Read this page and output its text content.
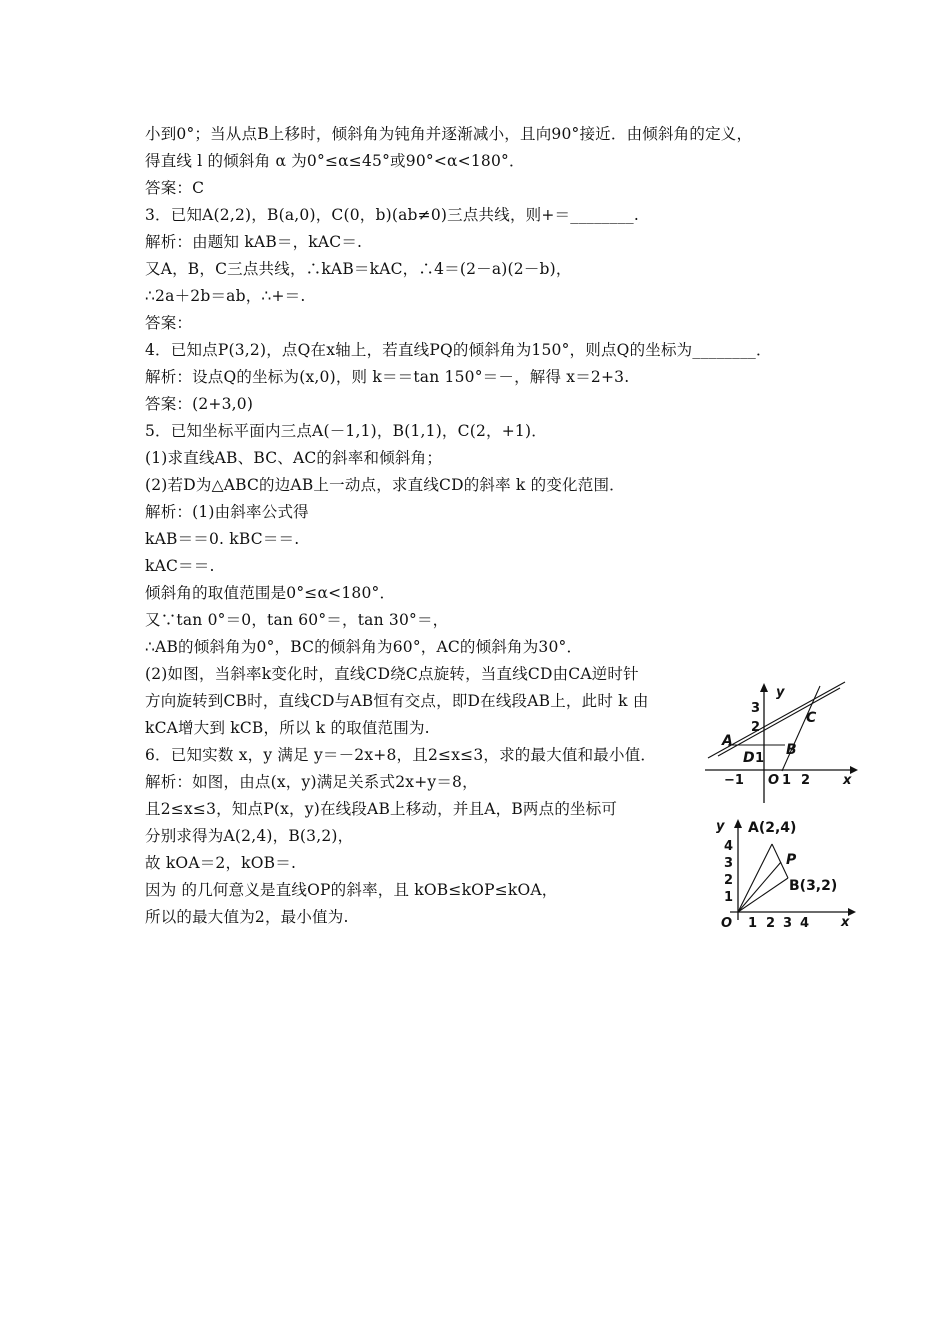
小到0°；当从点B上移时，倾斜角为钝角并逐渐减小，且向90°接近．由倾斜角的定义，
得直线 l 的倾斜角 α 为0°≤α≤45°或90°<α<180°．
答案：C
3．已知A(2,2)，B(a,0)，C(0，b)(ab≠0)三点共线，则+＝________.
解析：由题知 kAB＝，kAC＝.
又A，B，C三点共线，∴kAB＝kAC，∴4＝(2－a)(2－b)，
∴2a＋2b＝ab，∴+＝.
答案：
4．已知点P(3,2)，点Q在x轴上，若直线PQ的倾斜角为150°，则点Q的坐标为________．
解析：设点Q的坐标为(x,0)，则 k＝＝tan 150°＝－，解得 x＝2+3.
答案：(2+3,0)
5．已知坐标平面内三点A(－1,1)，B(1,1)，C(2，+1)．
(1)求直线AB、BC、AC的斜率和倾斜角；
(2)若D为△ABC的边AB上一动点，求直线CD的斜率 k 的变化范围．
解析：(1)由斜率公式得
kAB＝＝0. kBC＝＝.
kAC＝＝.
倾斜角的取值范围是0°≤α<180°．
又∵tan 0°＝0，tan 60°＝，tan 30°＝，
∴AB的倾斜角为0°，BC的倾斜角为60°，AC的倾斜角为30°．
(2)如图，当斜率k变化时，直线CD绕C点旋转，当直线CD由CA逆时针
方向旋转到CB时，直线CD与AB恒有交点，即D在线段AB上，此时 k 由
kCA增大到 kCB，所以 k 的取值范围为.
6．已知实数 x，y 满足 y＝－2x+8，且2≤x≤3，求的最大值和最小值．
解析：如图，由点(x，y)满足关系式2x+y＝8，
且2≤x≤3，知点P(x，y)在线段AB上移动，并且A，B两点的坐标可
分别求得为A(2,4)，B(3,2)，
故 kOA＝2，kOB＝.
因为 的几何意义是直线OP的斜率，且 kOB≤kOP≤kOA，
所以的最大值为2，最小值为.
y
x
3
2
−1 O 1 2
A
B
C
D 1
y
x
4
3
2
1
O 1 2 3 4
A(2,4)
P
B(3,2)
